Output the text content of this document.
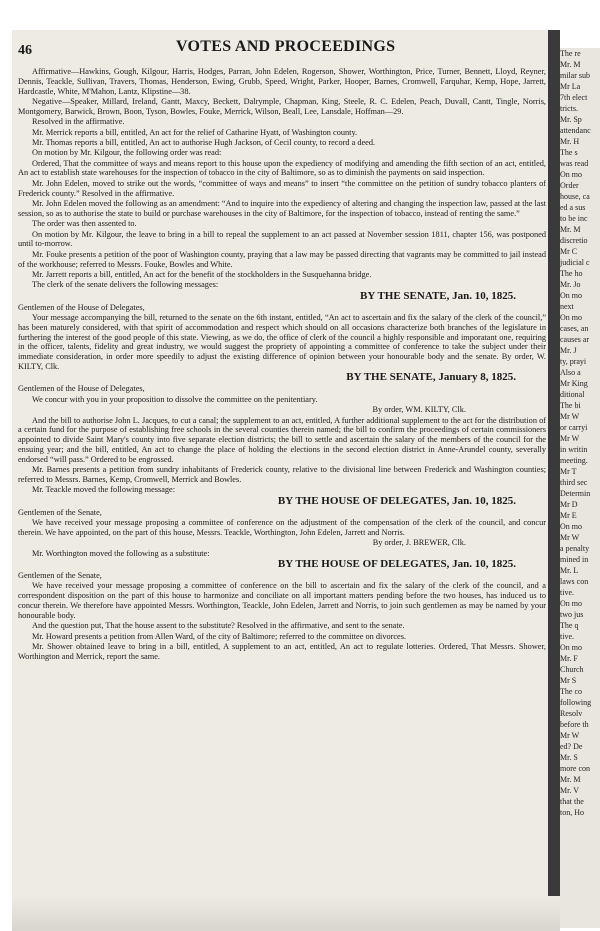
46	VOTES AND PROCEEDINGS

Affirmative—Hawkins, Gough, Kilgour, Harris, Hodges, Parran, John Edelen, Rogerson, Shower, Worthington, Price, Turner, Bennett, Lloyd, Reyner, Dennis, Teackle, Sullivan, Travers, Thomas, Henderson, Ewing, Grubb, Speed, Wright, Parker, Hooper, Barnes, Cromwell, Farquhar, Kemp, Hope, Jarrett, Hardcastle, White, M'Mahon, Lantz, Klipstine—38.

Negative—Speaker, Millard, Ireland, Gantt, Maxcy, Beckett, Dalrymple, Chapman, King, Steele, R. C. Edelen, Peach, Duvall, Cantt, Tingle, Norris, Montgomery, Barwick, Brown, Boon, Tyson, Bowles, Fouke, Merrick, Wilson, Beall, Lee, Lansdale, Hoffman—29.

Resolved in the affirmative.

Mr. Merrick reports a bill, entitled, An act for the relief of Catharine Hyatt, of Washington county.

Mr. Thomas reports a bill, entitled, An act to authorise Hugh Jackson, of Cecil county, to record a deed.

On motion by Mr. Kilgour, the following order was read:

Ordered, That the committee of ways and means report to this house upon the expediency of modifying and amending the fifth section of an act, entitled, An act to establish state warehouses for the inspection of tobacco in the city of Baltimore, so as to diminish the payments on said inspection.

Mr. John Edelen, moved to strike out the words, “committee of ways and means” to insert “the committee on the petition of sundry tobacco planters of Frederick county.” Resolved in the affirmative.

Mr. John Edelen moved the following as an amendment: “And to inquire into the expediency of altering and changing the inspection law, passed at the last session, so as to authorise the state to build or purchase warehouses in the city of Baltimore, for the inspection of tobacco, instead of renting the same.”

The order was then assented to.

On motion by Mr. Kilgour, the leave to bring in a bill to repeal the supplement to an act passed at November session 1811, chapter 156, was postponed until to-morrow.

Mr. Fouke presents a petition of the poor of Washington county, praying that a law may be passed directing that vagrants may be committed to jail instead of the workhouse; referred to Messrs. Fouke, Bowles and White.

Mr. Jarrett reports a bill, entitled, An act for the benefit of the stockholders in the Susquehanna bridge.

The clerk of the senate delivers the following messages:

BY THE SENATE, Jan. 10, 1825.

Gentlemen of the House of Delegates,

Your message accompanying the bill, returned to the senate on the 6th instant, entitled, “An act to ascertain and fix the salary of the clerk of the council,” has been maturely considered, with that spirit of accommodation and respect which should on all occasions characterize both branches of the legislature in furthering the interest of the good people of this state. Viewing, as we do, the office of clerk of the council a highly responsible and imporatant one, requiring in the officer, talents, fidelity and great industry, we would suggest the propriety of appointing a committee of conference to take the subject under their immediate consideration, in order more speedily to adjust the existing difference of opinion between your honourable body and the senate. By order, W. KILTY, Clk.

BY THE SENATE, January 8, 1825.

Gentlemen of the House of Delegates,

We concur with you in your proposition to dissolve the committee on the penitentiary.

By order, WM. KILTY, Clk.

And the bill to authorise John L. Jacques, to cut a canal; the supplement to an act, entitled, A further additional supplement to the act for the distribution of a certain fund for the purpose of establishing free schools in the several counties therein named; the bill to confirm the proceedings of certain commissioners appointed to divide Saint Mary's county into five separate election districts; the bill to settle and ascertain the salary of the members of the council for the ensuing year; and the bill, entitled, An act to change the place of holding the elections in the second election district in Anne-Arundel county, severally endorsed “will pass.” Ordered to be engrossed.

Mr. Barnes presents a petition from sundry inhabitants of Frederick county, relative to the divisional line between Frederick and Washington counties; referred to Messrs. Barnes, Kemp, Cromwell, Merrick and Bowles.

Mr. Teackle moved the following message:

BY THE HOUSE OF DELEGATES, Jan. 10, 1825.

Gentlemen of the Senate,

We have received your message proposing a committee of conference on the adjustment of the compensation of the clerk of the council, and concur therein. We have appointed, on the part of this house, Messrs. Teackle, Worthington, John Edelen, Jarrett and Norris.

By order, J. BREWER, Clk.

Mr. Worthington moved the following as a substitute:

BY THE HOUSE OF DELEGATES, Jan. 10, 1825.

Gentlemen of the Senate,

We have received your message proposing a committee of conference on the bill to ascertain and fix the salary of the clerk of the council, and a correspondent disposition on the part of this house to harmonize and conciliate on all important matters pending before the two houses, has induced us to concur therein. We therefore have appointed Messrs. Worthington, Teackle, John Edelen, Jarrett and Norris, to join such gentlemen as may be named by your honourable body.

And the question put, That the house assent to the substitute? Resolved in the affirmative, and sent to the senate.

Mr. Howard presents a petition from Allen Ward, of the city of Baltimore; referred to the committee on divorces.

Mr. Shower obtained leave to bring in a bill, entitled, A supplement to an act, entitled, An act to regulate lotteries. Ordered, That Messrs. Shower, Worthington and Merrick, report the same.

The re
Mr. M
milar sub
Mr La
7th elect
tricts.
Mr. Sp
attendanc
Mr. H
The s
was read
On mo
Order
house, ca
ed a sus
to be inc
Mr. M
discretio
Mr C
judicial c
The ho
Mr. Jo
On mo
next
On mo
cases, an
causes ar
Mr. J
ty, prayi
Also a
Mr King
ditional
The bi
Mr W
or carryi
Mr W
in writin
meeting.
Mr T
third sec
Determin
Mr D
Mr E
On mo
Mr W
a penalty
mined in
Mr. L
laws con
tive.
On mo
two jus
The q
tive.
On mo
Mr. F
Church
Mr S
The co
following
Resolv
before th
Mr W
ed? De
Mr. S
more con
Mr. M
Mr. V
that the
ton, Ho
